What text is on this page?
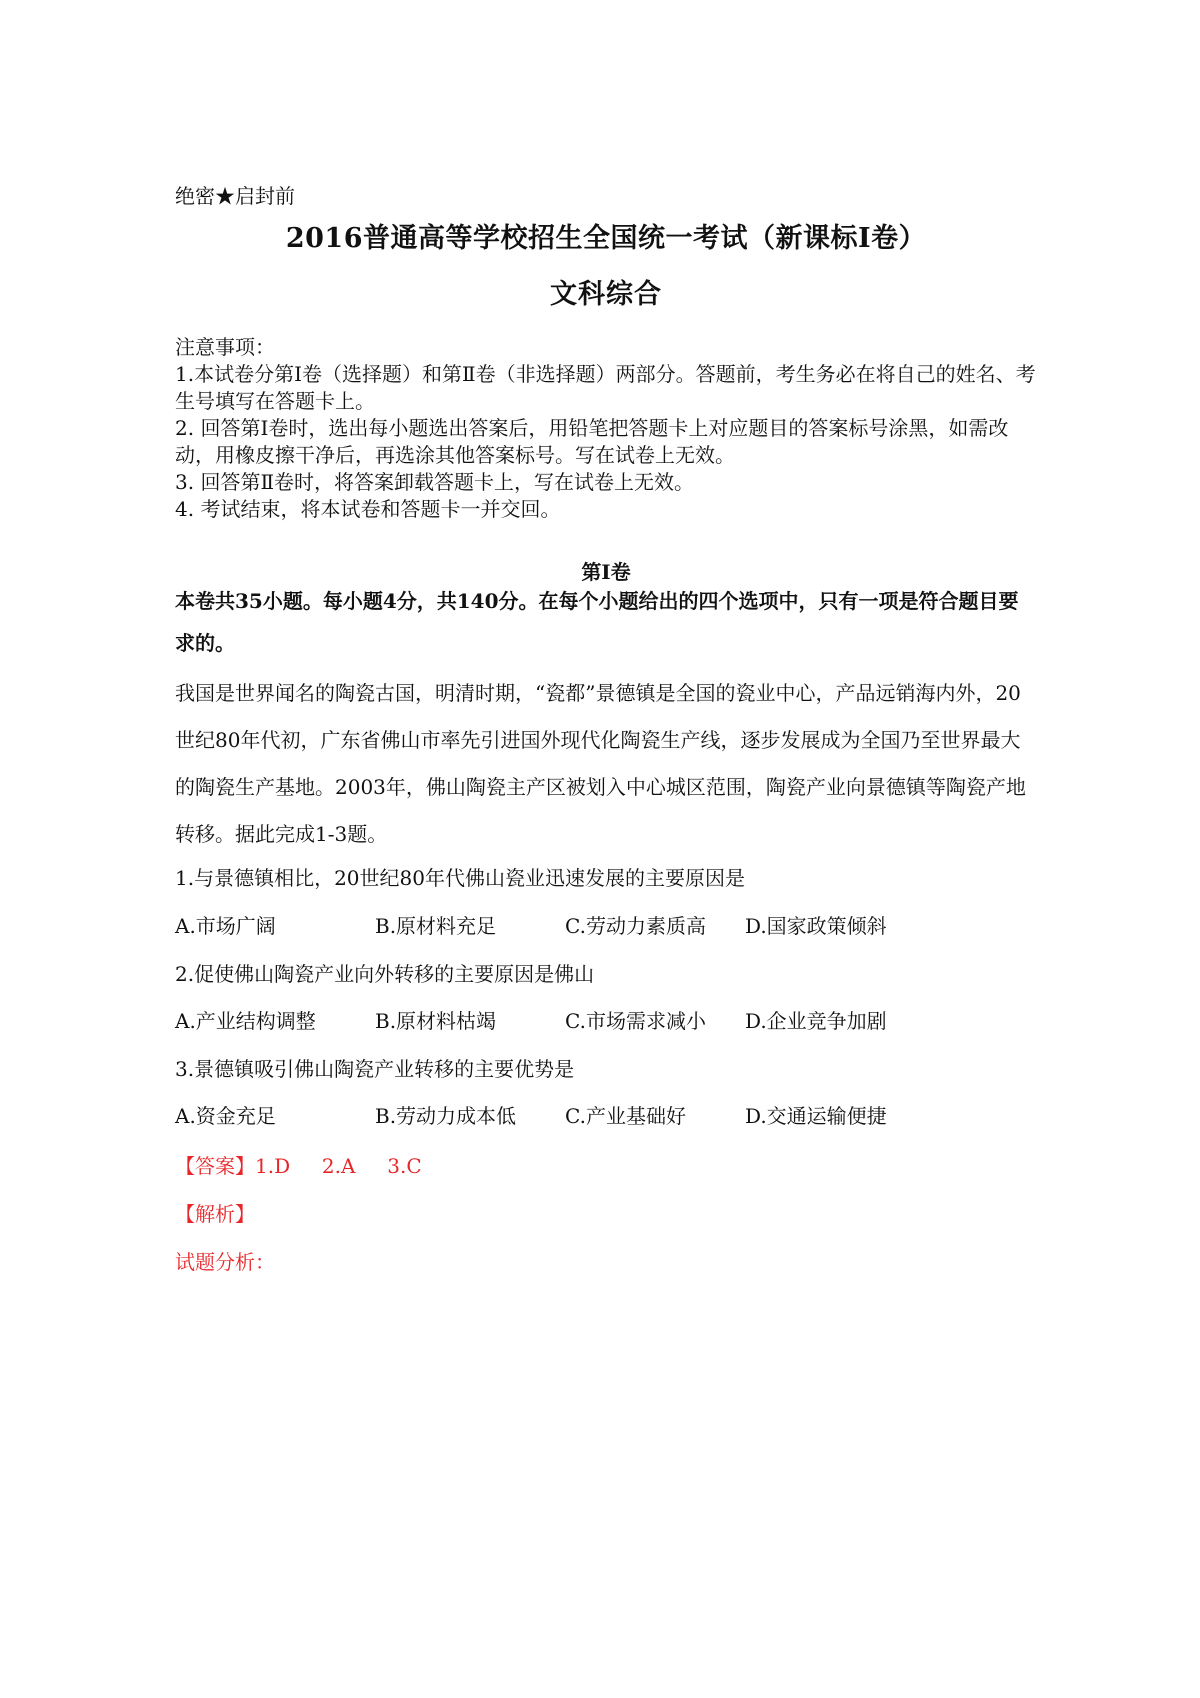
绝密★启封前
2016普通高等学校招生全国统一考试（新课标Ⅰ卷）
文科综合

注意事项：

1.本试卷分第Ⅰ卷（选择题）和第Ⅱ卷（非选择题）两部分。答题前，考生务必在将自己的姓名、考生号填写在答题卡上。

2. 回答第Ⅰ卷时，选出每小题选出答案后，用铅笔把答题卡上对应题目的答案标号涂黑，如需改动，用橡皮擦干净后，再选涂其他答案标号。写在试卷上无效。

3. 回答第Ⅱ卷时，将答案卸载答题卡上，写在试卷上无效。

4. 考试结束，将本试卷和答题卡一并交回。

第Ⅰ卷

本卷共35小题。每小题4分，共140分。在每个小题给出的四个选项中，只有一项是符合题目要求的。

我国是世界闻名的陶瓷古国，明清时期，“瓷都”景德镇是全国的瓷业中心，产品远销海内外，20世纪80年代初，广东省佛山市率先引进国外现代化陶瓷生产线，逐步发展成为全国乃至世界最大的陶瓷生产基地。2003年，佛山陶瓷主产区被划入中心城区范围，陶瓷产业向景德镇等陶瓷产地转移。据此完成1-3题。

1.与景德镇相比，20世纪80年代佛山瓷业迅速发展的主要原因是
A.市场广阔	B.原材料充足	C.劳动力素质高 D.国家政策倾斜
2.促使佛山陶瓷产业向外转移的主要原因是佛山
A.产业结构调整	B.原材料枯竭	C.市场需求减小 D.企业竞争加剧
3.景德镇吸引佛山陶瓷产业转移的主要优势是
A.资金充足	B.劳动力成本低 C.产业基础好	D.交通运输便捷
【答案】1.D 2.A 3.C
【解析】
试题分析：
